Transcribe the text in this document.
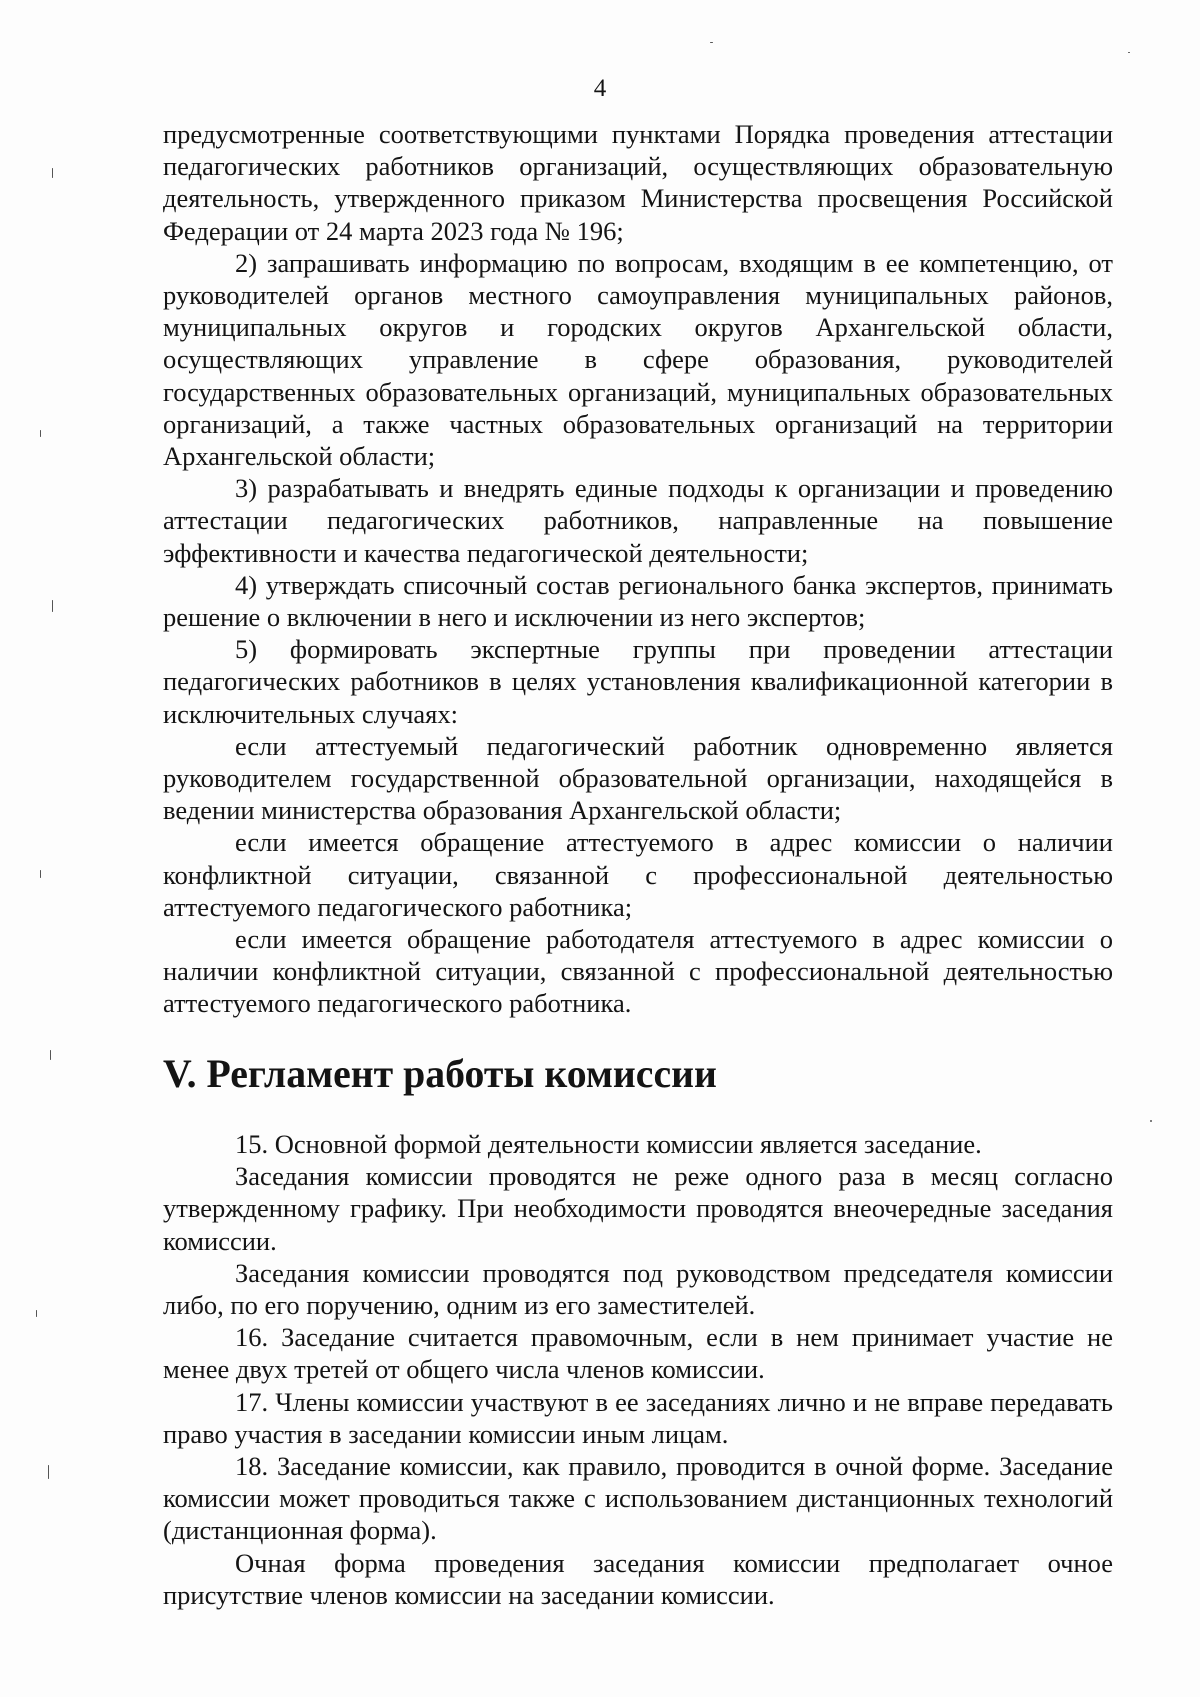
4

предусмотренные соответствующими пунктами Порядка проведения аттестации педагогических работников организаций, осуществляющих образовательную деятельность, утвержденного приказом Министерства просвещения Российской Федерации от 24 марта 2023 года № 196;

2) запрашивать информацию по вопросам, входящим в ее компетенцию, от руководителей органов местного самоуправления муниципальных районов, муниципальных округов и городских округов Архангельской области, осуществляющих управление в сфере образования, руководителей государственных образовательных организаций, муниципальных образовательных организаций, а также частных образовательных организаций на территории Архангельской области;

3) разрабатывать и внедрять единые подходы к организации и проведению аттестации педагогических работников, направленные на повышение эффективности и качества педагогической деятельности;

4) утверждать списочный состав регионального банка экспертов, принимать решение о включении в него и исключении из него экспертов;

5) формировать экспертные группы при проведении аттестации педагогических работников в целях установления квалификационной категории в исключительных случаях:

если аттестуемый педагогический работник одновременно является руководителем государственной образовательной организации, находящейся в ведении министерства образования Архангельской области;

если имеется обращение аттестуемого в адрес комиссии о наличии конфликтной ситуации, связанной с профессиональной деятельностью аттестуемого педагогического работника;

если имеется обращение работодателя аттестуемого в адрес комиссии о наличии конфликтной ситуации, связанной с профессиональной деятельностью аттестуемого педагогического работника.

V. Регламент работы комиссии

15. Основной формой деятельности комиссии является заседание.

Заседания комиссии проводятся не реже одного раза в месяц согласно утвержденному графику. При необходимости проводятся внеочередные заседания комиссии.

Заседания комиссии проводятся под руководством председателя комиссии либо, по его поручению, одним из его заместителей.

16. Заседание считается правомочным, если в нем принимает участие не менее двух третей от общего числа членов комиссии.

17. Члены комиссии участвуют в ее заседаниях лично и не вправе передавать право участия в заседании комиссии иным лицам.

18. Заседание комиссии, как правило, проводится в очной форме. Заседание комиссии может проводиться также с использованием дистанционных технологий (дистанционная форма).

Очная форма проведения заседания комиссии предполагает очное присутствие членов комиссии на заседании комиссии.
